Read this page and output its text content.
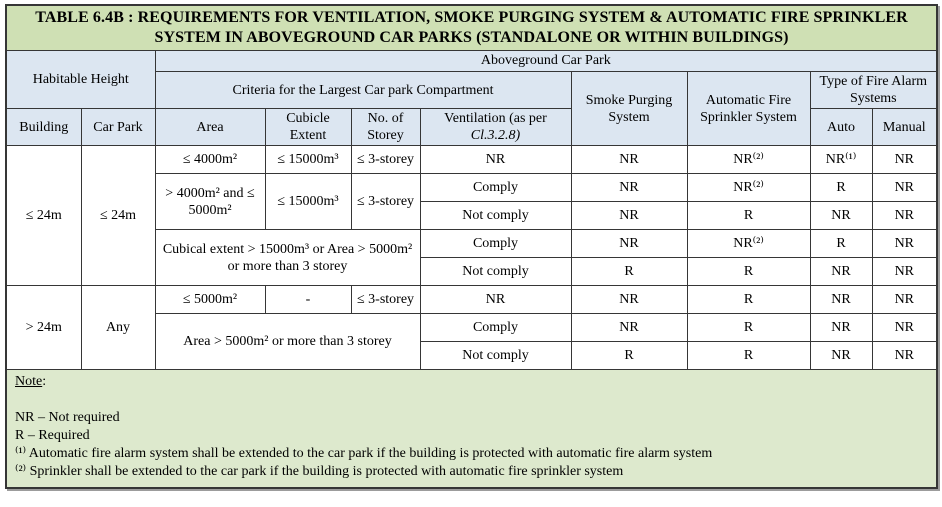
TABLE 6.4B : REQUIREMENTS FOR VENTILATION, SMOKE PURGING SYSTEM & AUTOMATIC FIRE SPRINKLER SYSTEM IN ABOVEGROUND CAR PARKS (STANDALONE OR WITHIN BUILDINGS)									
Habitable Height		Aboveground Car Park							
		Criteria for the Largest Car park Compartment				Smoke Purging System	Automatic Fire Sprinkler System	Type of Fire Alarm Systems	
Building	Car Park	Area	Cubicle Extent	No. of Storey	Ventilation (as per Cl.3.2.8)			Auto	Manual
≤ 24m	≤ 24m	≤ 4000m²	≤ 15000m³	≤ 3-storey	NR	NR	NR⁽²⁾	NR⁽¹⁾	NR
		> 4000m² and ≤ 5000m²	≤ 15000m³	≤ 3-storey	Comply	NR	NR⁽²⁾	R	NR
					Not comply	NR	R	NR	NR
		Cubical extent > 15000m³ or Area > 5000m² or more than 3 storey			Comply	NR	NR⁽²⁾	R	NR
					Not comply	R	R	NR	NR
> 24m	Any	≤ 5000m²	-	≤ 3-storey	NR	NR	R	NR	NR
		Area > 5000m² or more than 3 storey			Comply	NR	R	NR	NR
					Not comply	R	R	NR	NR

Note:
NR – Not required
R – Required
⁽¹⁾ Automatic fire alarm system shall be extended to the car park if the building is protected with automatic fire alarm system
⁽²⁾ Sprinkler shall be extended to the car park if the building is protected with automatic fire sprinkler system									
